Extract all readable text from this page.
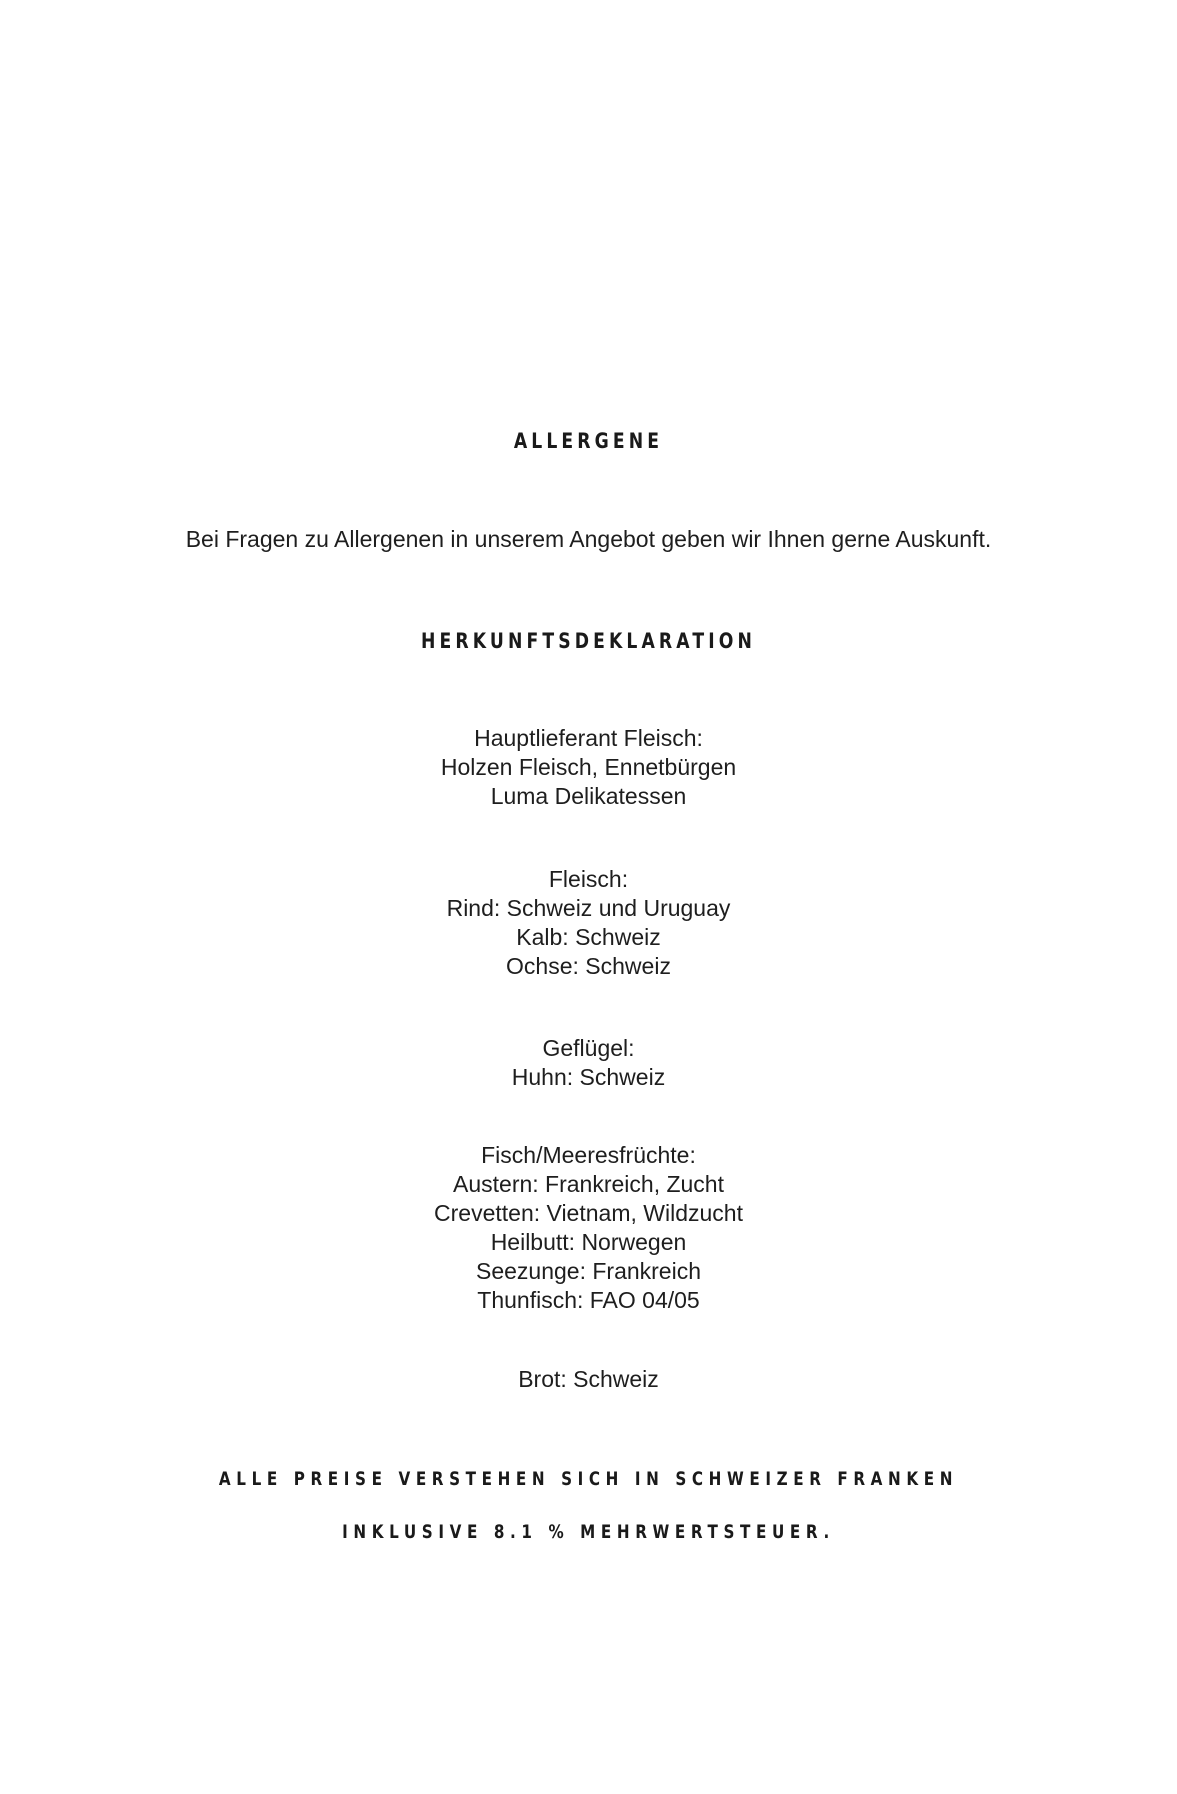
ALLERGENE

Bei Fragen zu Allergenen in unserem Angebot geben wir Ihnen gerne Auskunft.

HERKUNFTSDEKLARATION
Hauptlieferant Fleisch:
Holzen Fleisch, Ennetbürgen
Luma Delikatessen
Fleisch:
Rind: Schweiz und Uruguay
Kalb: Schweiz
Ochse: Schweiz
Geflügel:
Huhn: Schweiz
Fisch/Meeresfrüchte:
Austern: Frankreich, Zucht
Crevetten: Vietnam, Wildzucht
Heilbutt: Norwegen
Seezunge: Frankreich
Thunfisch: FAO 04/05
Brot: Schweiz

ALLE PREISE VERSTEHEN SICH IN SCHWEIZER FRANKEN

INKLUSIVE 8.1 % MEHRWERTSTEUER.
